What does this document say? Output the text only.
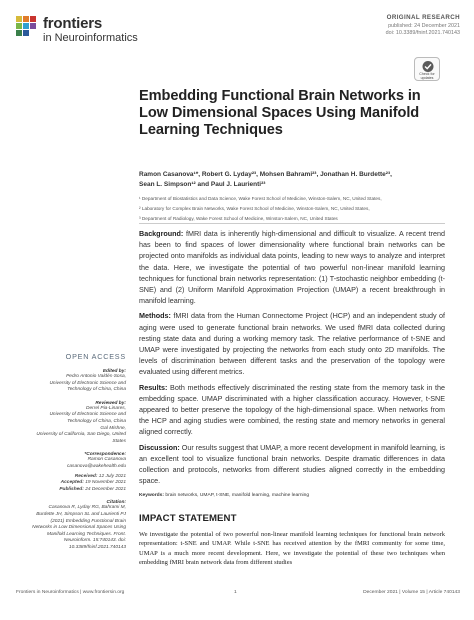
frontiers
in Neuroinformatics
ORIGINAL RESEARCH
published: 24 December 2021
doi: 10.3389/fninf.2021.740143
Check for
updates
Embedding Functional Brain Networks in Low Dimensional Spaces Using Manifold Learning Techniques
Ramon Casanova¹*, Robert G. Lyday²³, Mohsen Bahrami²³, Jonathan H. Burdette²³,
Sean L. Simpson¹² and Paul J. Laurienti²³
¹ Department of Biostatistics and Data Science, Wake Forest School of Medicine, Winston-Salem, NC, United States,
² Laboratory for Complex Brain Networks, Wake Forest School of Medicine, Winston-Salem, NC, United States,
³ Department of Radiology, Wake Forest School of Medicine, Winston-Salem, NC, United States

Background: fMRI data is inherently high-dimensional and difficult to visualize. A recent trend has been to find spaces of lower dimensionality where functional brain networks can be projected onto manifolds as individual data points, leading to new ways to analyze and interpret the data. Here, we investigate the potential of two powerful non-linear manifold learning techniques for functional brain networks representation: (1) T-stochastic neighbor embedding (t-SNE) and (2) Uniform Manifold Approximation Projection (UMAP) a recent breakthrough in manifold learning.

Methods: fMRI data from the Human Connectome Project (HCP) and an independent study of aging were used to generate functional brain networks. We used fMRI data collected during resting state data and during a working memory task. The relative performance of t-SNE and UMAP were investigated by projecting the networks from each study onto 2D manifolds. The levels of discrimination between different tasks and the preservation of the topology were evaluated using different metrics.

Results: Both methods effectively discriminated the resting state from the memory task in the embedding space. UMAP discriminated with a higher classification accuracy. However, t-SNE appeared to better preserve the topology of the high-dimensional space. When networks from the HCP and aging studies were combined, the resting state and memory networks in general aligned correctly.

Discussion: Our results suggest that UMAP, a more recent development in manifold learning, is an excellent tool to visualize functional brain networks. Despite dramatic differences in data collection and protocols, networks from different studies aligned correctly in the embedding space.

Keywords: brain networks, UMAP, t-SNE, manifold learning, machine learning
IMPACT STATEMENT
We investigate the potential of two powerful non-linear manifold learning techniques for functional brain network representation: t-SNE and UMAP. While t-SNE has received attention by the fMRI community for some time, UMAP is a much more recent development. Here, we investigate the potential of these two techniques when embedding fMRI brain network data from different studies
OPEN ACCESS
Edited by:
Pedro Antonio Valdés-Sosa,
University of Electronic Science and Technology of China, China
Reviewed by:
Derrel Pia-Linares,
University of Electronic Science and Technology of China, China
Gal Mishne,
University of California, San Diego, United States
*Correspondence:
Ramon Casanova
casanova@wakehealth.edu
Received: 12 July 2021
Accepted: 19 November 2021
Published: 24 December 2021
Citation:
Casanova R, Lyday RG, Bahrami M, Burdette JH, Simpson SL and Laurienti PJ (2021) Embedding Functional Brain Networks in Low Dimensional Spaces Using Manifold Learning Techniques. Front. Neuroinform. 15:740143. doi: 10.3389/fninf.2021.740143
Frontiers in Neuroinformatics | www.frontiersin.org	1	December 2021 | Volume 15 | Article 740143
